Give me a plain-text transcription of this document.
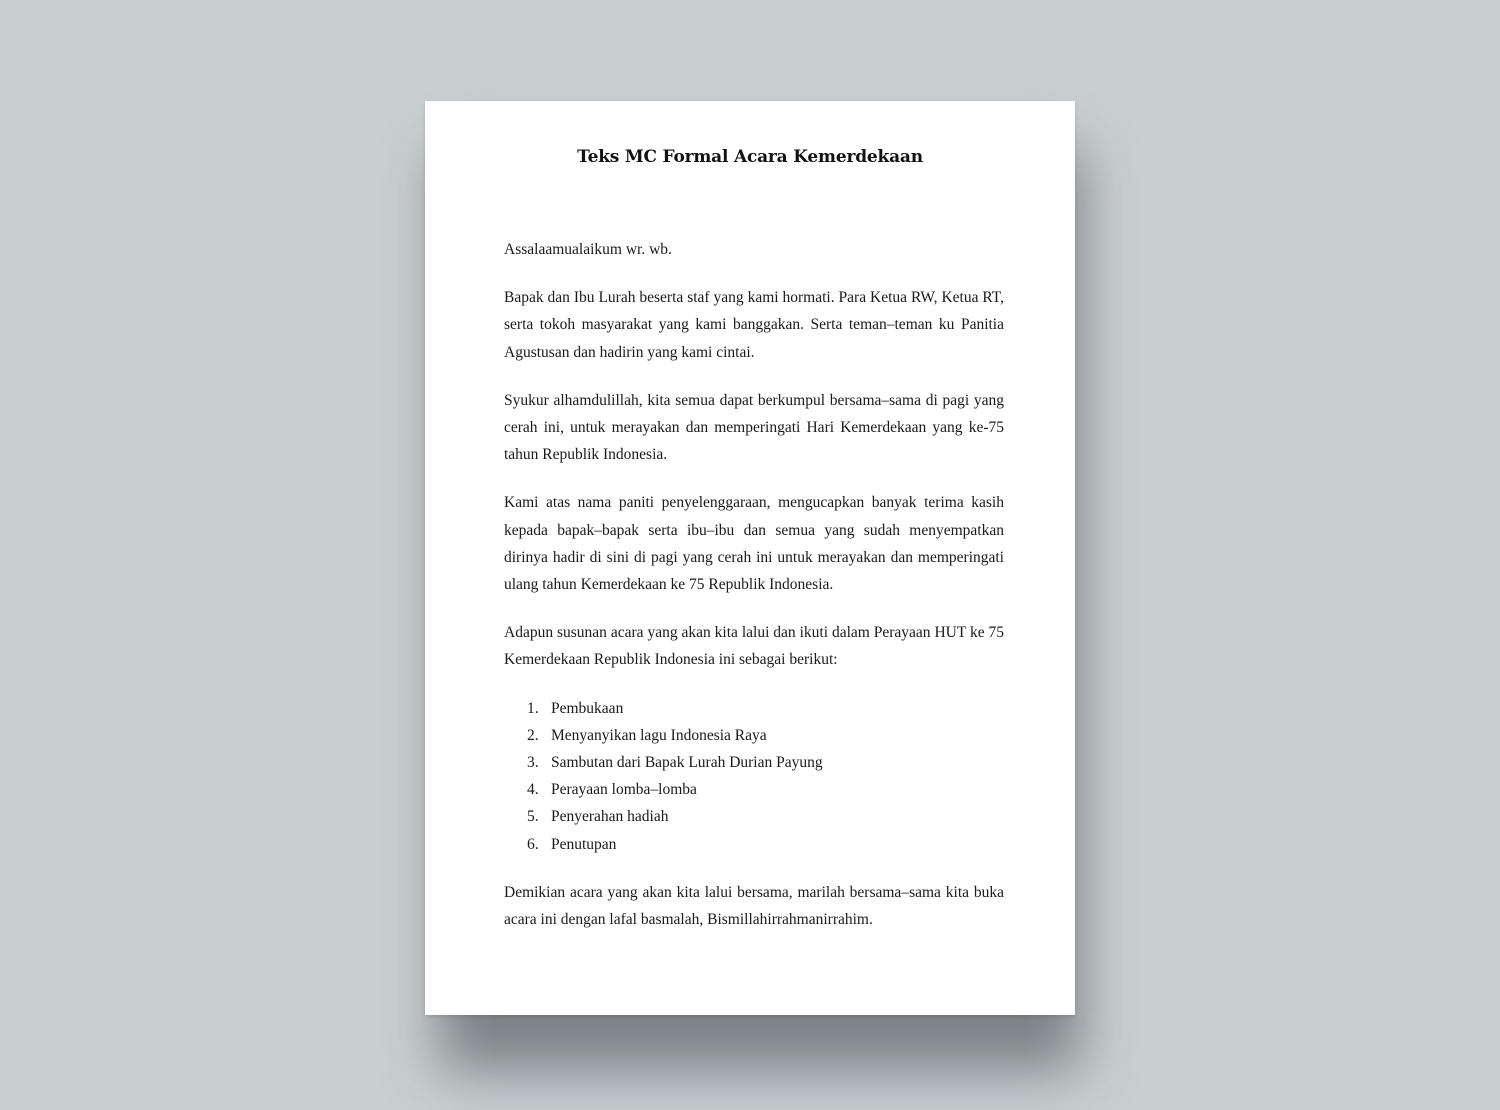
Teks MC Formal Acara Kemerdekaan

Assalaamualaikum wr. wb.

Bapak dan Ibu Lurah beserta staf yang kami hormati. Para Ketua RW, Ketua RT, serta tokoh masyarakat yang kami banggakan. Serta teman–teman ku Panitia Agustusan dan hadirin yang kami cintai.

Syukur alhamdulillah, kita semua dapat berkumpul bersama–sama di pagi yang cerah ini, untuk merayakan dan memperingati Hari Kemerdekaan yang ke-75 tahun Republik Indonesia.

Kami atas nama paniti penyelenggaraan, mengucapkan banyak terima kasih kepada bapak–bapak serta ibu–ibu dan semua yang sudah menyempatkan dirinya hadir di sini di pagi yang cerah ini untuk merayakan dan memperingati ulang tahun Kemerdekaan ke 75 Republik Indonesia.

Adapun susunan acara yang akan kita lalui dan ikuti dalam Perayaan HUT ke 75 Kemerdekaan Republik Indonesia ini sebagai berikut:

1. Pembukaan
2. Menyanyikan lagu Indonesia Raya
3. Sambutan dari Bapak Lurah Durian Payung
4. Perayaan lomba–lomba
5. Penyerahan hadiah
6. Penutupan

Demikian acara yang akan kita lalui bersama, marilah bersama–sama kita buka acara ini dengan lafal basmalah, Bismillahirrahmanirrahim.
